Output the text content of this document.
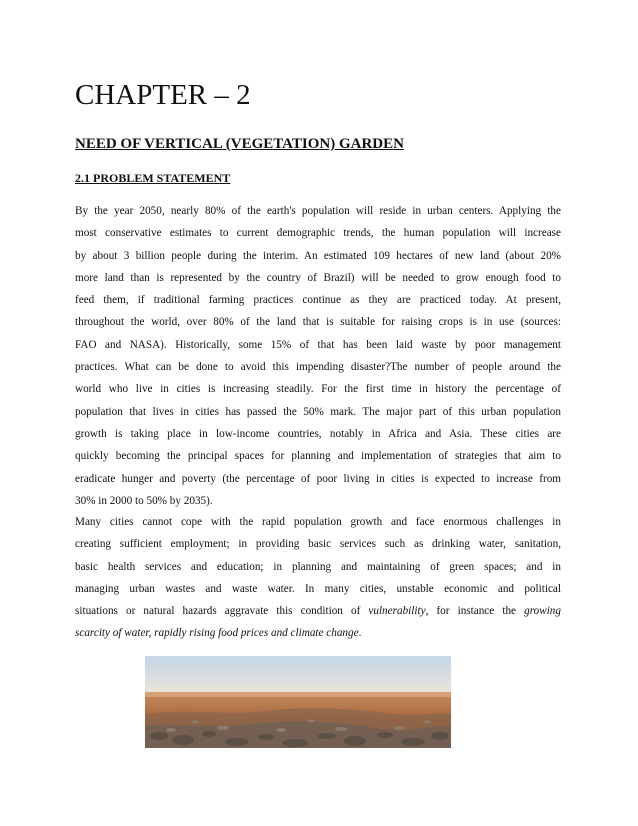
CHAPTER – 2
NEED OF VERTICAL (VEGETATION) GARDEN
2.1 PROBLEM STATEMENT

By the year 2050, nearly 80% of the earth's population will reside in urban centers. Applying the
most conservative estimates to current demographic trends, the human population will increase
by about 3 billion people during the interim. An estimated 109 hectares of new land (about 20%
more land than is represented by the country of Brazil) will be needed to grow enough food to
feed them, if traditional farming practices continue as they are practiced today. At present,
throughout the world, over 80% of the land that is suitable for raising crops is in use (sources:
FAO and NASA). Historically, some 15% of that has been laid waste by poor management
practices. What can be done to avoid this impending disaster?The number of people around the
world who live in cities is increasing steadily. For the first time in history the percentage of
population that lives in cities has passed the 50% mark. The major part of this urban population
growth is taking place in low-income countries, notably in Africa and Asia. These cities are
quickly becoming the principal spaces for planning and implementation of strategies that aim to
eradicate hunger and poverty (the percentage of poor living in cities is expected to increase from
30% in 2000 to 50% by 2035).

Many cities cannot cope with the rapid population growth and face enormous challenges in
creating sufficient employment; in providing basic services such as drinking water, sanitation,
basic health services and education; in planning and maintaining of green spaces; and in
managing urban wastes and waste water. In many cities, unstable economic and political
situations or natural hazards aggravate this condition of vulnerability, for instance the growing
scarcity of water, rapidly rising food prices and climate change.
